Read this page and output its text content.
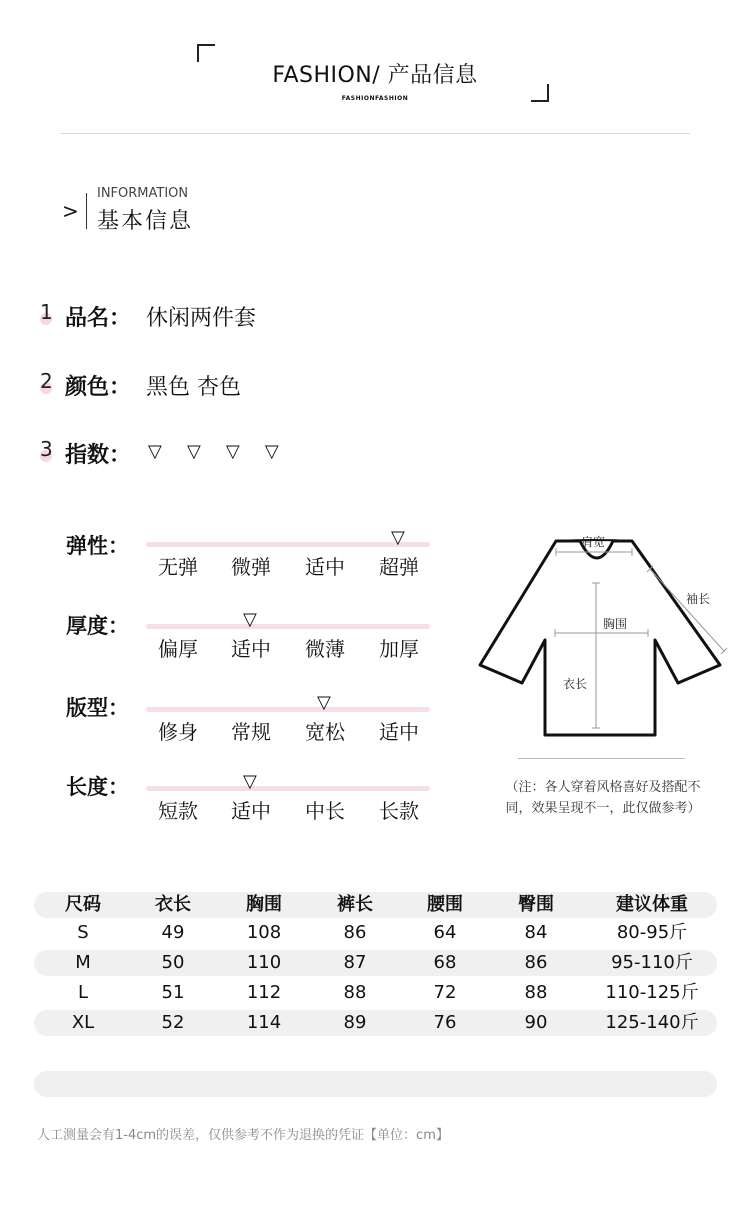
FASHION/ 产品信息
FASHIONFASHION
>
INFORMATION
基本信息
1 品名： 休闲两件套
2 颜色： 黑色 杏色
3 指数： ▽ ▽ ▽ ▽
弹性：	▽
无弹	微弹	适中	超弹
厚度：	▽
偏厚	适中	微薄	加厚
版型：	▽
修身	常规	宽松	适中
长度：	▽
短款	适中	中长	长款
肩宽
袖长
胸围
衣长
（注：各人穿着风格喜好及搭配不
同，效果呈现不一，此仅做参考）
尺码	衣长	胸围	裤长	腰围	臀围	建议体重
S	49	108	86	64	84	80-95斤
M	50	110	87	68	86	95-110斤
L	51	112	88	72	88	110-125斤
XL	52	114	89	76	90	125-140斤
人工测量会有1-4cm的误差，仅供参考不作为退换的凭证【单位：cm】
